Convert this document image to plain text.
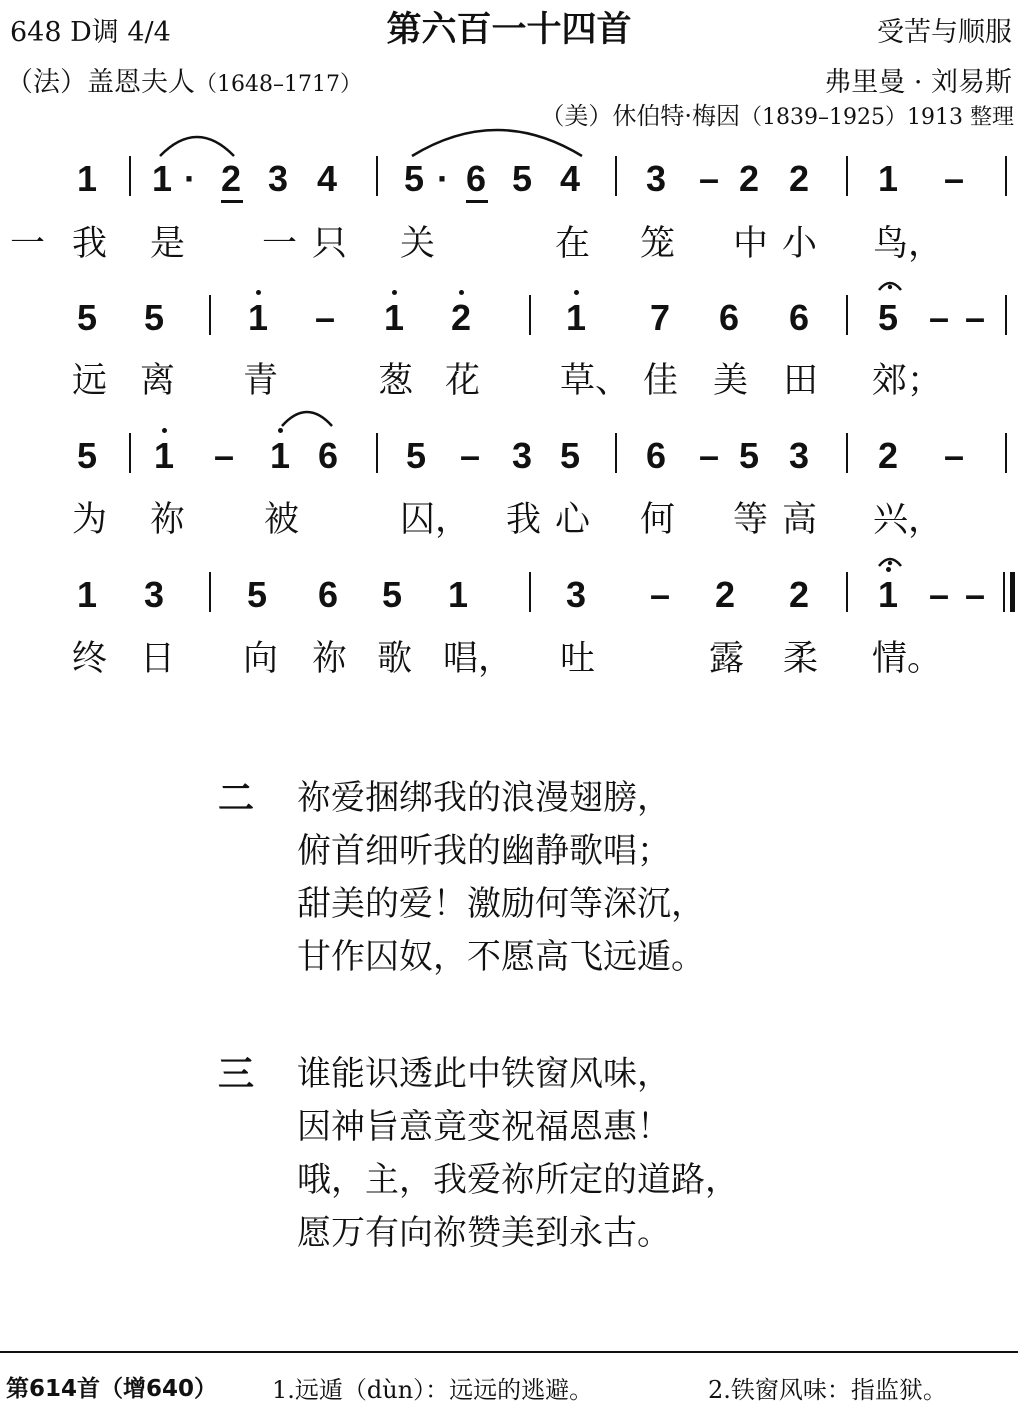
648 D调 4/4	第六百一十四首	受苦与顺服
（法）盖恩夫人（1648–1717）	弗里曼 · 刘易斯
（美）休伯特·梅因（1839–1925）1913 整理
1 1 · 2 3 4 5 · 6 5 4 3 – 2 2 1 –
一 我 是 一 只 关	在 笼 中 小 鸟，
5 5 1 – 1 2	1 7 6 6 5 – –
远 离 青	葱 花 草、 佳 美 田 郊；
5 1 – 1 6 5 – 3 5 6 – 5 3 2 –
为 祢 被	囚， 我 心 何 等 高 兴，
1 3 5 6 5 1	3 – 2 2 1 – –
终 日 向 祢 歌 唱， 吐	露 柔 情。
二 祢爱捆绑我的浪漫翅膀，
俯首细听我的幽静歌唱；
甜美的爱！激励何等深沉，
甘作囚奴，不愿高飞远遁。
三 谁能识透此中铁窗风味，
因神旨意竟变祝福恩惠！
哦，主，我爱祢所定的道路，
愿万有向祢赞美到永古。
第614首（增640） 1.远遁（dùn）：远远的逃避。	2.铁窗风味：指监狱。
